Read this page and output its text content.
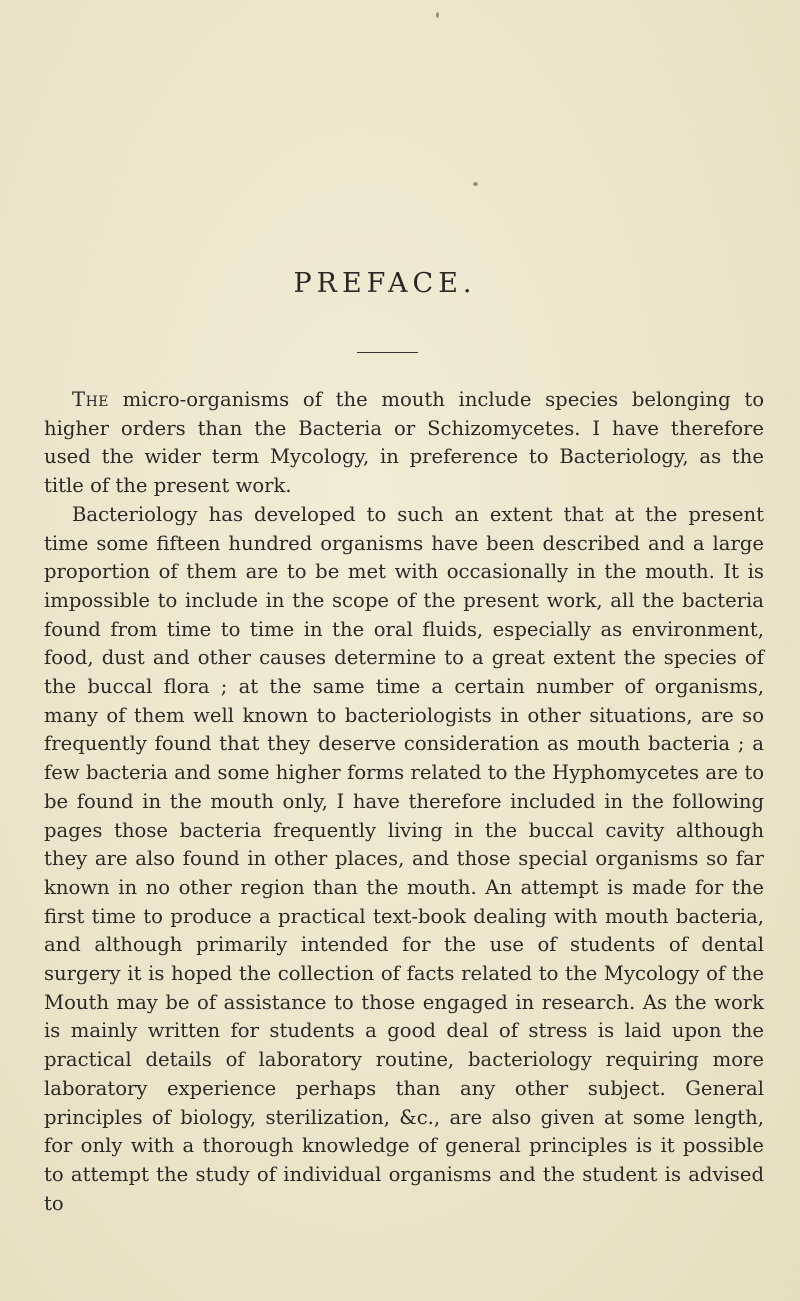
PREFACE.

The micro-organisms of the mouth include species belonging to higher orders than the Bacteria or Schizomycetes. I have therefore used the wider term Mycology, in preference to Bacteriology, as the title of the present work.

Bacteriology has developed to such an extent that at the present time some fifteen hundred organisms have been described and a large proportion of them are to be met with occasionally in the mouth. It is impossible to include in the scope of the present work, all the bacteria found from time to time in the oral fluids, especially as environment, food, dust and other causes determine to a great extent the species of the buccal flora ; at the same time a certain number of organisms, many of them well known to bacteriologists in other situations, are so frequently found that they deserve consideration as mouth bacteria ; a few bacteria and some higher forms related to the Hyphomycetes are to be found in the mouth only, I have therefore included in the following pages those bacteria frequently living in the buccal cavity although they are also found in other places, and those special organisms so far known in no other region than the mouth. An attempt is made for the first time to produce a practical text-book dealing with mouth bacteria, and although primarily intended for the use of students of dental surgery it is hoped the collection of facts related to the Mycology of the Mouth may be of assistance to those engaged in research. As the work is mainly written for students a good deal of stress is laid upon the practical details of laboratory routine, bacteriology requiring more laboratory experience perhaps than any other subject. General principles of biology, sterilization, &c., are also given at some length, for only with a thorough knowledge of general principles is it possible to attempt the study of individual organisms and the student is advised to
